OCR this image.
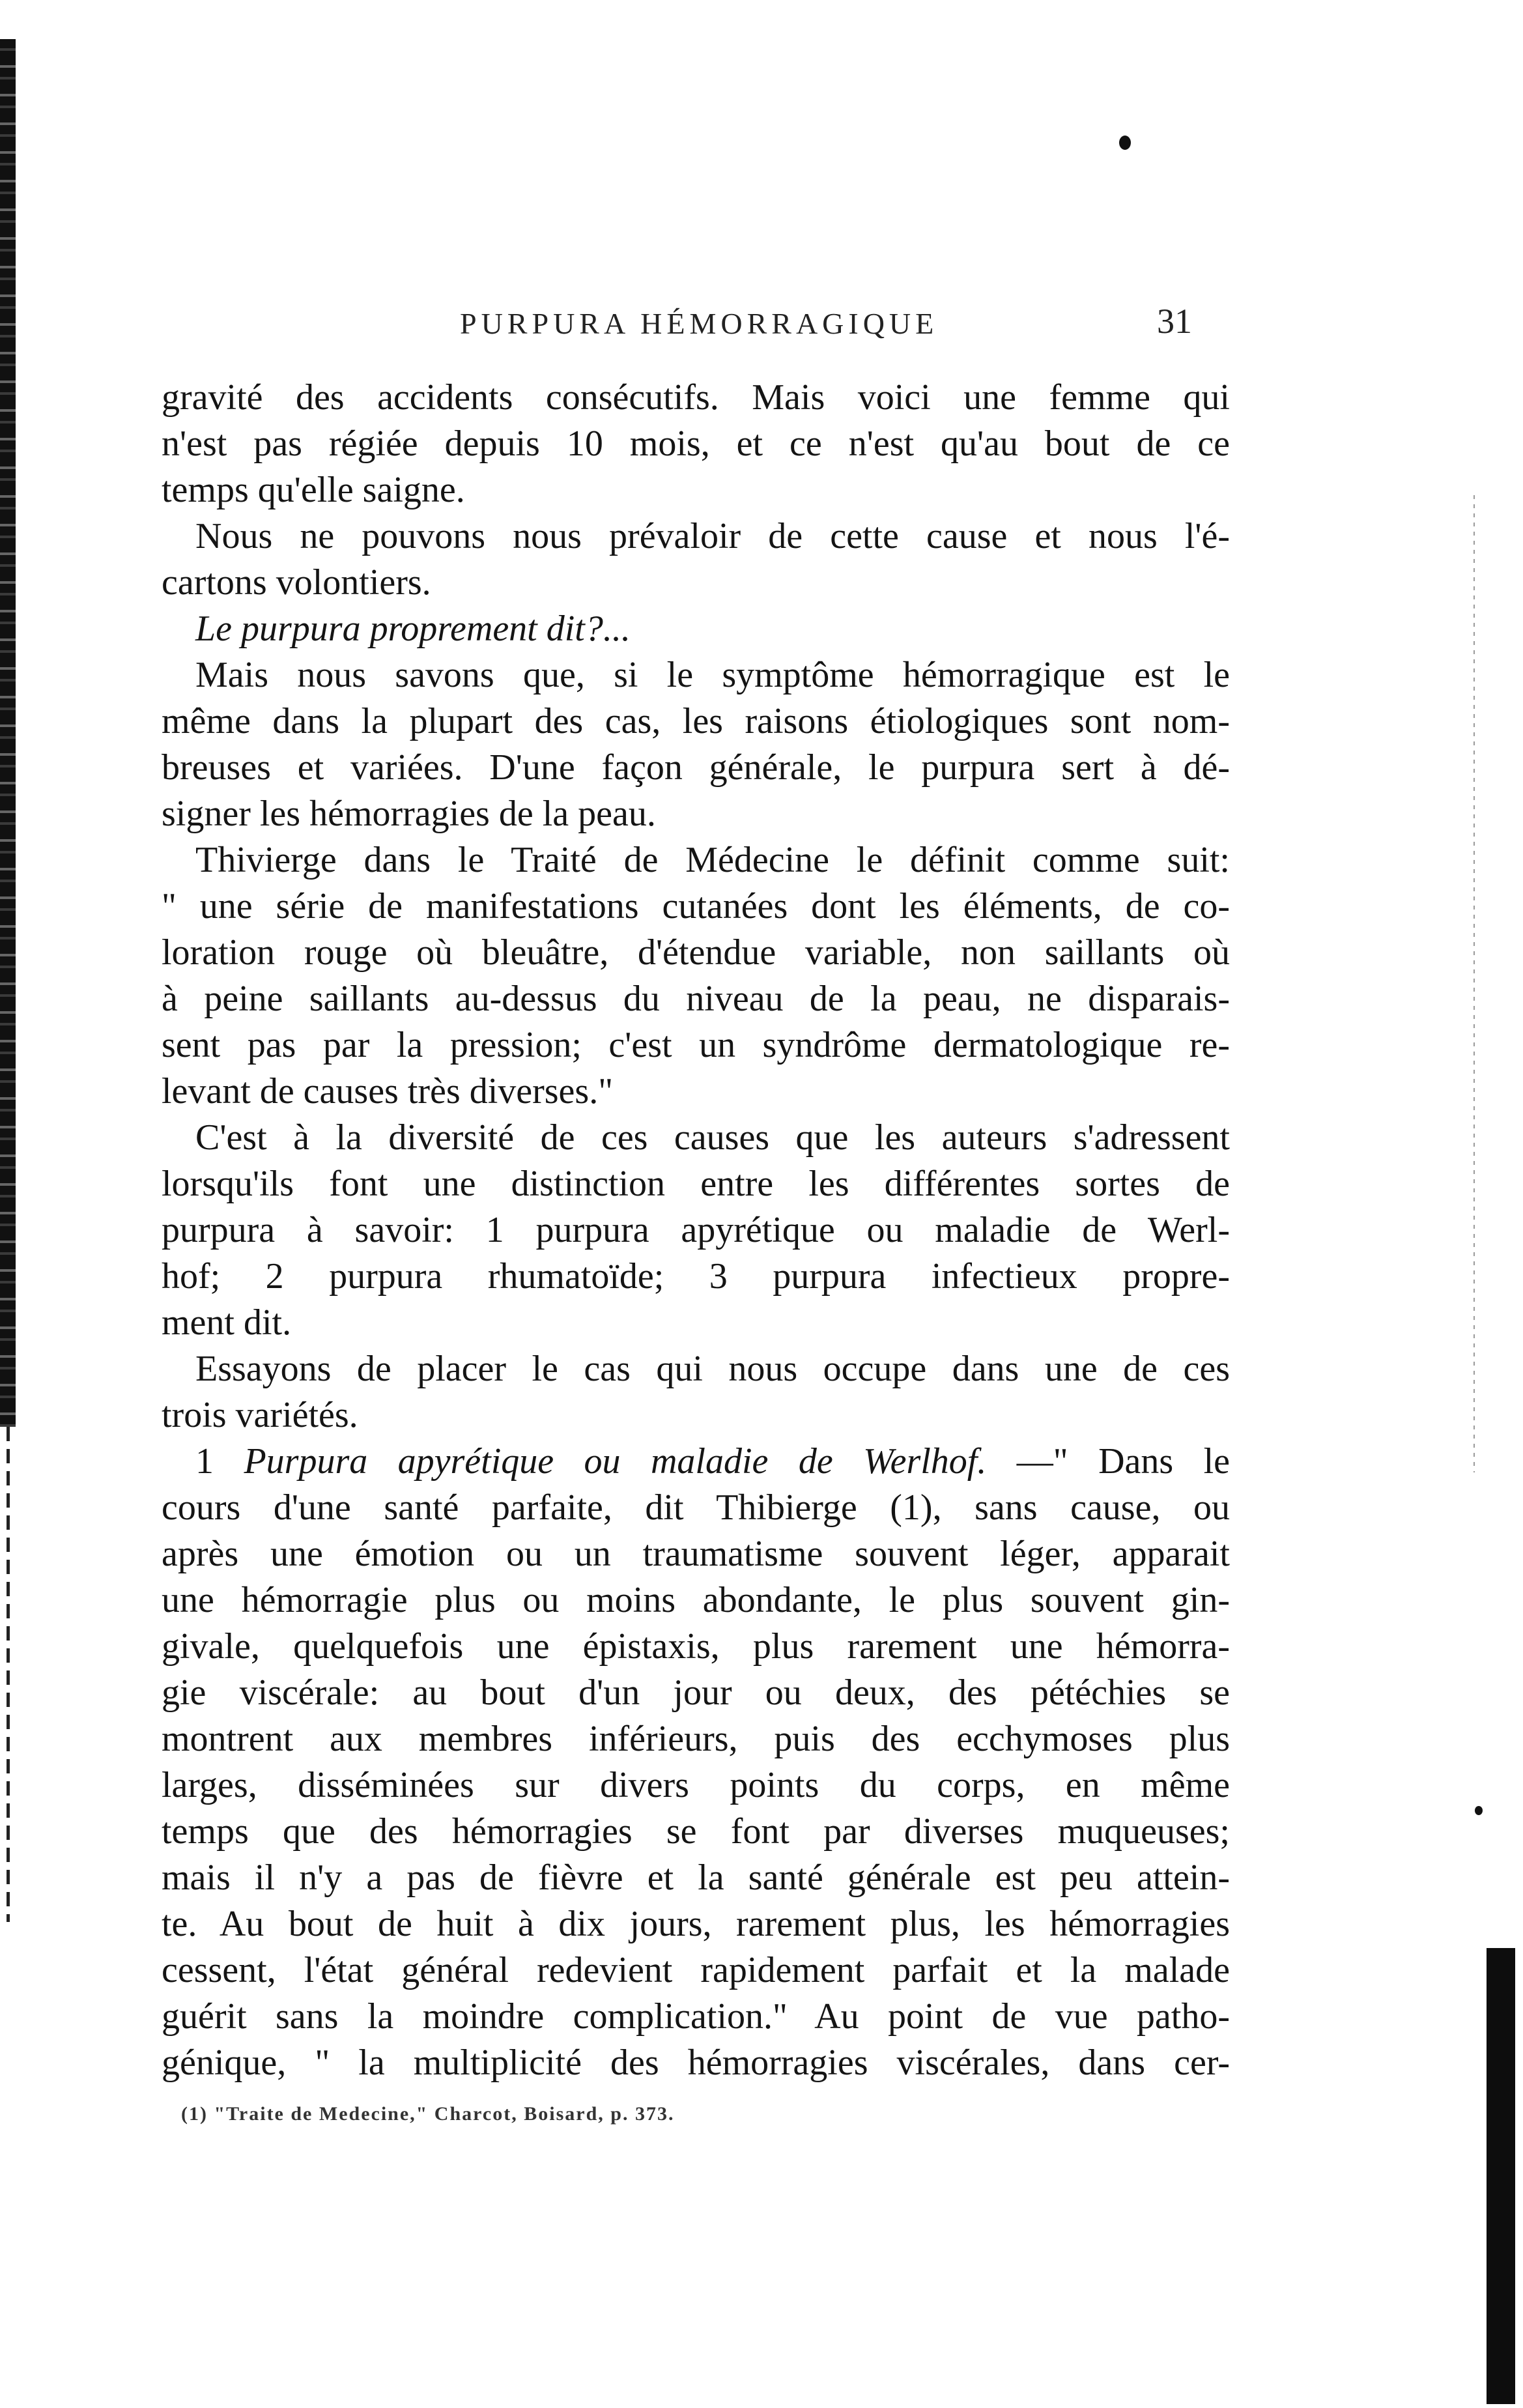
PURPURA HÉMORRAGIQUE	31
gravité des accidents consécutifs. Mais voici une femme qui
n'est pas régiée depuis 10 mois, et ce n'est qu'au bout de ce
temps qu'elle saigne.
Nous ne pouvons nous prévaloir de cette cause et nous l'é-
cartons volontiers.
Le purpura proprement dit?...
Mais nous savons que, si le symptôme hémorragique est le
même dans la plupart des cas, les raisons étiologiques sont nom-
breuses et variées. D'une façon générale, le purpura sert à dé-
signer les hémorragies de la peau.
Thivierge dans le Traité de Médecine le définit comme suit:
" une série de manifestations cutanées dont les éléments, de co-
loration rouge où bleuâtre, d'étendue variable, non saillants où
à peine saillants au-dessus du niveau de la peau, ne disparais-
sent pas par la pression; c'est un syndrôme dermatologique re-
levant de causes très diverses."
C'est à la diversité de ces causes que les auteurs s'adressent
lorsqu'ils font une distinction entre les différentes sortes de
purpura à savoir: 1 purpura apyrétique ou maladie de Werl-
hof; 2 purpura rhumatoïde; 3 purpura infectieux propre-
ment dit.
Essayons de placer le cas qui nous occupe dans une de ces
trois variétés.
1 Purpura apyrétique ou maladie de Werlhof. —" Dans le
cours d'une santé parfaite, dit Thibierge (1), sans cause, ou
après une émotion ou un traumatisme souvent léger, apparait
une hémorragie plus ou moins abondante, le plus souvent gin-
givale, quelquefois une épistaxis, plus rarement une hémorra-
gie viscérale: au bout d'un jour ou deux, des pétéchies se
montrent aux membres inférieurs, puis des ecchymoses plus
larges, disséminées sur divers points du corps, en même
temps que des hémorragies se font par diverses muqueuses;
mais il n'y a pas de fièvre et la santé générale est peu attein-
te. Au bout de huit à dix jours, rarement plus, les hémorragies
cessent, l'état général redevient rapidement parfait et la malade
guérit sans la moindre complication." Au point de vue patho-
génique, " la multiplicité des hémorragies viscérales, dans cer-
(1) "Traite de Medecine," Charcot, Boisard, p. 373.
